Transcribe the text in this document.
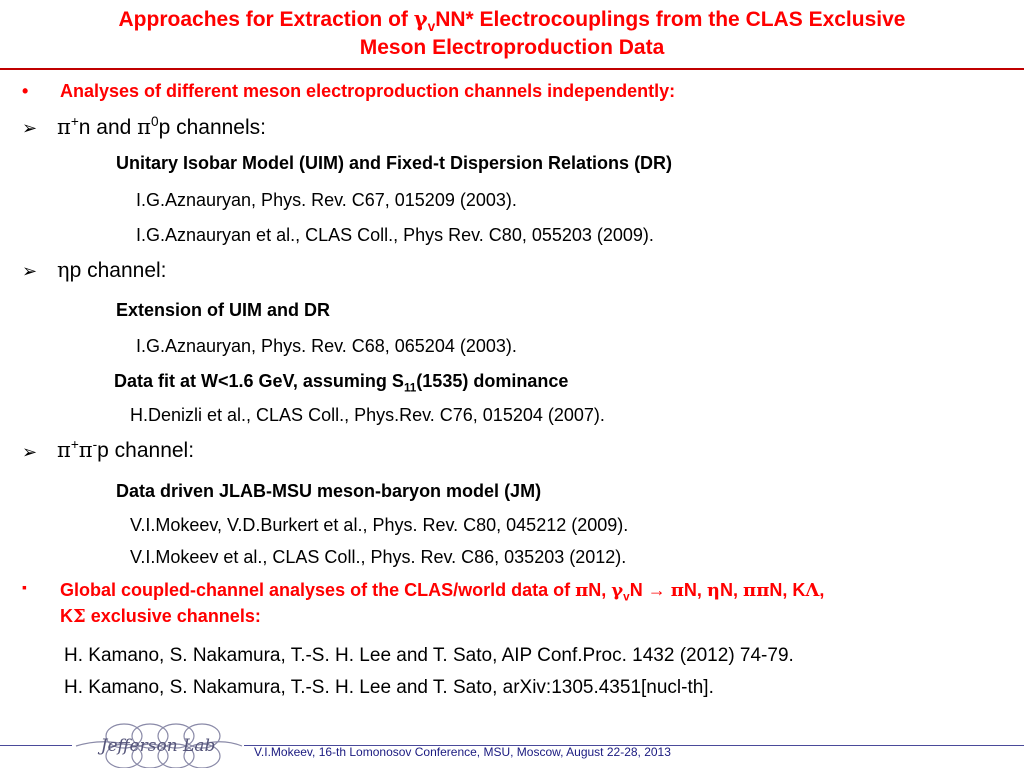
Approaches for Extraction of $\gamma_vNN*$ Electrocouplings from the CLAS Exclusive
Meson Electroproduction Data
• Analyses of different meson electroproduction channels independently:
➢ π+n and $\pi^0p$ channels:
Unitary Isobar Model (UIM) and Fixed-t Dispersion Relations (DR)
I.G.Aznauryan, Phys. Rev. C67, 015209 (2003).
I.G.Aznauryan et al., CLAS Coll., Phys Rev. C80, 055203 (2009).
➢ ηp channel:
Extension of UIM and DR
I.G.Aznauryan, Phys. Rev. C68, 065204 (2003).
Data fit at W<1.6 GeV, assuming $S_{11}(1535)$ dominance
H.Denizli et al., CLAS Coll., Phys.Rev. C76, 015204 (2007).
➢ π+π-p channel:
Data driven JLAB-MSU meson-baryon model (JM)
V.I.Mokeev, V.D.Burkert et al., Phys. Rev. C80, 045212 (2009).
V.I.Mokeev et al., CLAS Coll., Phys. Rev. C86, 035203 (2012).
▪ Global coupled-channel analyses of the CLAS/world data of πN, $\gamma_vN \to \pi N$, ηN, ππN, KΛ,
KΣ exclusive channels:
H. Kamano, S. Nakamura, T.-S. H. Lee and T. Sato, AIP Conf.Proc. 1432 (2012) 74-79.
H. Kamano, S. Nakamura, T.-S. H. Lee and T. Sato, arXiv:1305.4351[nucl-th].
Jefferson Lab	V.I.Mokeev, 16-th Lomonosov Conference, MSU, Moscow, August 22-28, 2013
